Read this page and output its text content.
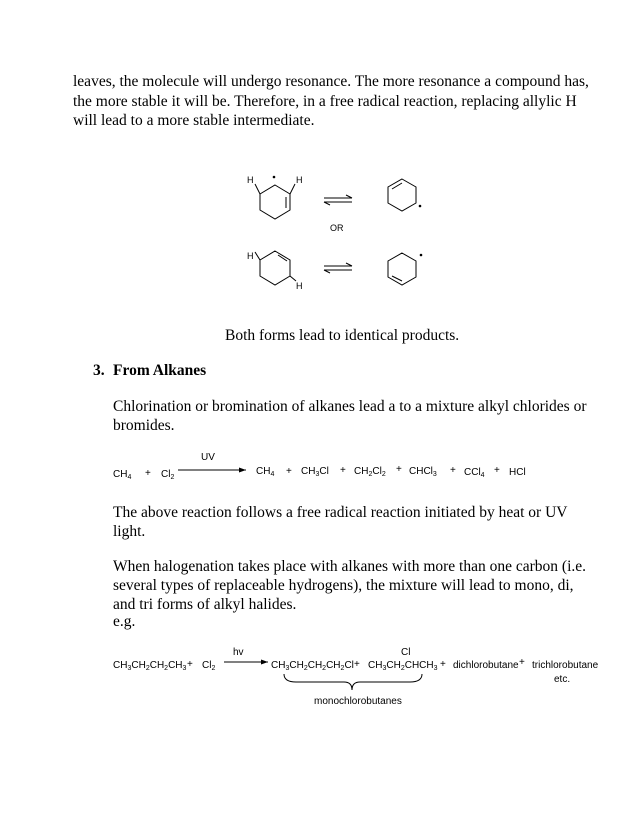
leaves, the molecule will undergo resonance. The more resonance a compound has,

the more stable it will be. Therefore, in a free radical reaction, replacing allylic H

will lead to a more stable intermediate.

H	H
OR
H
H

Both forms lead to identical products.

3. From Alkanes

Chlorination or bromination of alkanes lead a to a mixture alkyl chlorides or

bromides.

$CH_4 + Cl_2$
UV
$CH_4 + CH_3Cl + CH_2Cl_2$ + CHCl$_3$ + CCl$_4$ + HCl

The above reaction follows a free radical reaction initiated by heat or UV

light.

When halogenation takes place with alkanes with more than one carbon (i.e.

several types of replaceable hydrogens), the mixture will lead to mono, di,

and tri forms of alkyl halides.

e.g.

$CH_3CH_2CH_2CH_3 + Cl_2$
hv
→ $CH_3CH_2CH_2CH_2Cl$ +
Cl
$CH_3CH_2CHCH_3$ + dichlorobutane + trichlorobutane
etc.
monochlorobutanes
